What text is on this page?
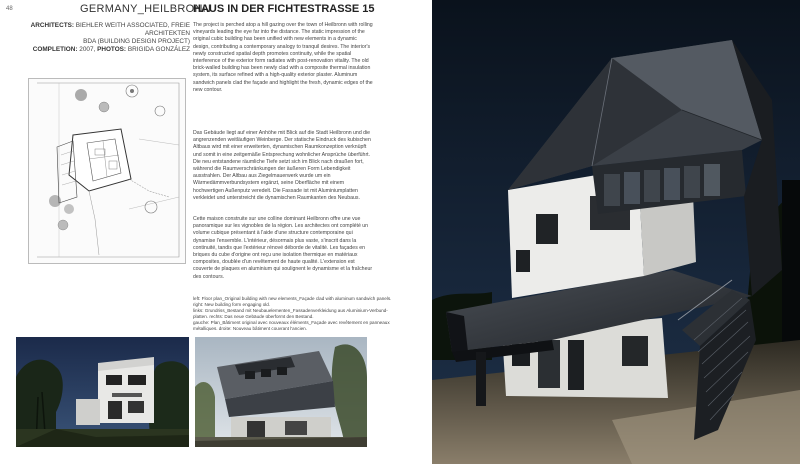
48	GERMANY_HEILBRONN
HAUS IN DER FICHTESTRASSE 15
ARCHITECTS: BIEHLER WEITH ASSOCIATED, FREIE ARCHITEKTEN
BDA (BUILDING DESIGN PROJECT)
COMPLETION: 2007, PHOTOS: BRIGIDA GONZÁLEZ

The project is perched atop a hill gazing over the town of Heilbronn with rolling vineyards leading the eye far into the distance. The static impression of the original cubic building has been unified with new elements in a dynamic design, contributing a contemporary analogy to tranquil desires. The interior's newly constructed spatial depth promotes continuity, while the spatial interference of the exterior form radiates with post-renovation vitality. The old brick-walled building has been newly clad with a composite thermal insulation system, its surface refined with a high-quality exterior plaster. Aluminum sandwich panels clad the façade and highlight the fresh, dynamic edges of the new contour.

Das Gebäude liegt auf einer Anhöhe mit Blick auf die Stadt Heilbronn und die angrenzenden weitläufigen Weinberge. Der statische Eindruck des kubischen Altbaus wird mit einer erweiterten, dynamischen Raumkonzeption verknüpft und somit in eine zeitgemäße Entsprechung wohnlicher Ansprüche überführt. Die neu entstandene räumliche Tiefe setzt sich im Blick nach draußen fort, während die Raumverschränkungen der äußeren Form Lebendigkeit ausstrahlen. Der Altbau aus Ziegelmauerwerk wurde um ein Wärmedämmverbundsystem ergänzt, seine Oberfläche mit einem hochwertigen Außenputz veredelt. Die Fassade ist mit Aluminiumplatten verkleidet und unterstreicht die dynamischen Raumkanten des Neubaus.

Cette maison construite sur une colline dominant Heilbronn offre une vue panoramique sur les vignobles de la région. Les architectes ont complété un volume cubique présentant à l'aide d'une structure contemporaine qui dynamise l'ensemble. L'intérieur, désormais plus vaste, s'inscrit dans la continuité, tandis que l'extérieur rénové déborde de vitalité. Les façades en briques du cube d'origine ont reçu une isolation thermique en matériaux composites, doublée d'un revêtement de haute qualité. L'extension est couverte de plaques en aluminium qui soulignent le dynamisme et la fraîcheur des contours.

left: Floor plan_Original building with new elements_Façade clad with aluminum sandwich panels.
right: New building form engaging old.
links: Grundriss_Bestand mit Neubauelementen_Fassadenverkleidung aus Aluminium-Verbund-
platten. rechts: Das neue Gebäude überformt den Bestand.
gauche: Plan_Bâtiment original avec nouveaux éléments_Façade avec revêtement en panneaux
métalliques. droite: Nouveau bâtiment couvrant l'ancien.
